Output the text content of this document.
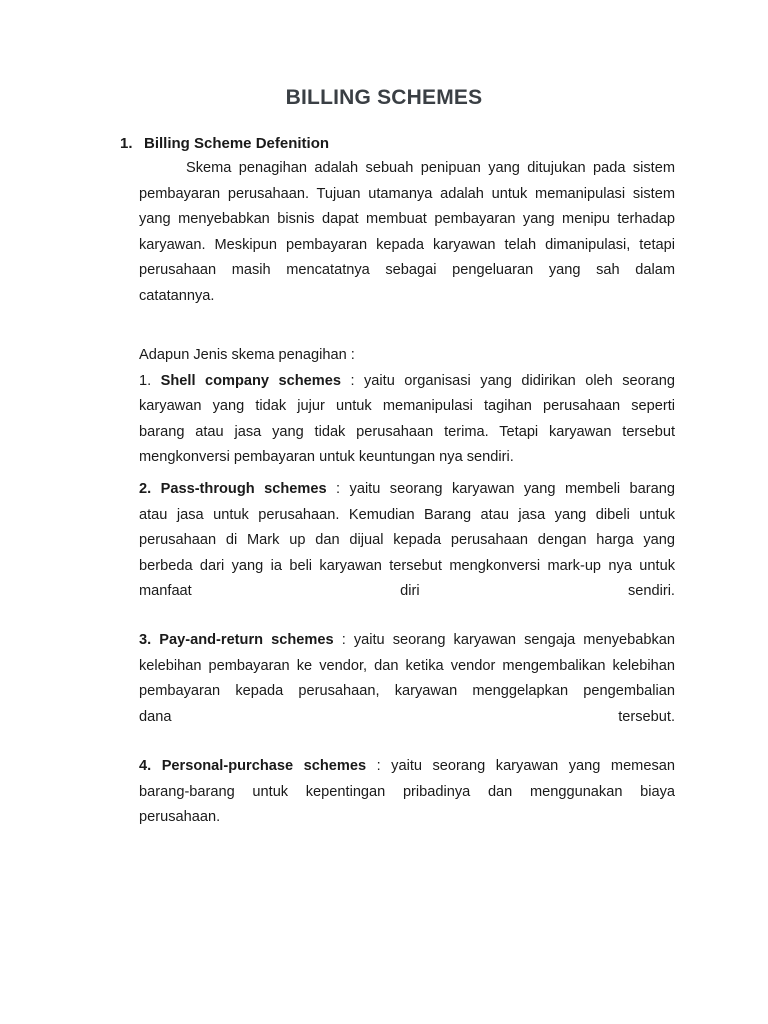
BILLING SCHEMES
1. Billing Scheme Defenition
Skema penagihan adalah sebuah penipuan yang ditujukan pada sistem
pembayaran perusahaan. Tujuan utamanya adalah untuk memanipulasi sistem
yang menyebabkan bisnis dapat membuat pembayaran yang menipu terhadap
karyawan. Meskipun pembayaran kepada karyawan telah dimanipulasi, tetapi
perusahaan masih mencatatnya sebagai pengeluaran yang sah dalam
catatannya.
Adapun Jenis skema penagihan :
1. Shell company schemes : yaitu organisasi yang didirikan oleh seorang
karyawan yang tidak jujur untuk memanipulasi tagihan perusahaan seperti
barang atau jasa yang tidak perusahaan terima. Tetapi karyawan tersebut
mengkonversi pembayaran untuk keuntungan nya sendiri.
2. Pass-through schemes : yaitu seorang karyawan yang membeli barang
atau jasa untuk perusahaan. Kemudian Barang atau jasa yang dibeli untuk
perusahaan di Mark up dan dijual kepada perusahaan dengan harga yang
berbeda dari yang ia beli karyawan tersebut mengkonversi mark-up nya untuk
manfaat diri sendiri.
3. Pay-and-return schemes : yaitu seorang karyawan sengaja menyebabkan
kelebihan pembayaran ke vendor, dan ketika vendor mengembalikan kelebihan
pembayaran kepada perusahaan, karyawan menggelapkan pengembalian
dana tersebut.
4. Personal-purchase schemes : yaitu seorang karyawan yang memesan
barang-barang untuk kepentingan pribadinya dan menggunakan biaya
perusahaan.
